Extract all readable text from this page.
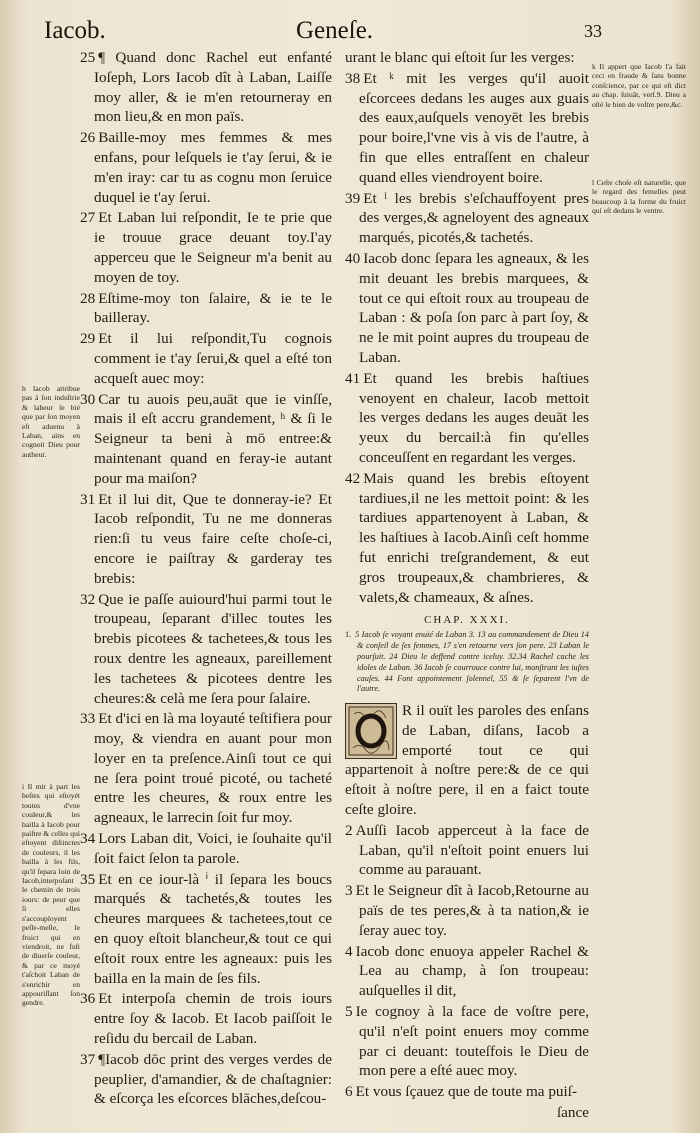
Iacob.	Geneſe.	33

25 ¶ Quand donc Rachel eut enfanté Ioſeph, Lors Iacob dît à Laban, Laiſſe moy aller, & ie m'en retourneray en mon lieu,& en mon païs.

26 Baille-moy mes femmes & mes enfans, pour leſquels ie t'ay ſerui, & ie m'en iray: car tu as cognu mon ſeruice duquel ie t'ay ſerui.

27 Et Laban lui reſpondit, Ie te prie que ie trouue grace deuant toy.I'ay apperceu que le Seigneur m'a benit au moyen de toy.

28 Eſtime-moy ton ſalaire, & ie te le bailleray.

29 Et il lui reſpondit,Tu cognois comment ie t'ay ſerui,& quel a eſté ton acqueſt auec moy:

30 Car tu auois peu,auāt que ie vinſſe, mais il eſt accru grandement, ʰ & ſi le Seigneur ta beni à mō entree:& maintenant quand en feray-ie autant pour ma maiſon?

31 Et il lui dit, Que te donneray-ie? Et Iacob reſpondit, Tu ne me donneras rien:ſi tu veus faire ceſte choſe-ci, encore ie paiſtray & garderay tes brebis:

32 Que ie paſſe auiourd'hui parmi tout le troupeau, ſeparant d'illec toutes les brebis picotees & tachetees,& tous les roux dentre les agneaux, pareillement les tachetees & picotees dentre les cheures:& celà me ſera pour ſalaire.

33 Et d'ici en là ma loyauté teſtifiera pour moy, & viendra en auant pour mon loyer en ta preſence.Ainſi tout ce qui ne ſera point troué picoté, ou tacheté entre les cheures, & roux entre les agneaux, le larrecin ſoit fur moy.

34 Lors Laban dit, Voici, ie ſouhaite qu'il ſoit faict ſelon ta parole.

35 Et en ce iour-là ⁱ il ſepara les boucs marqués & tachetés,& toutes les cheures marquees & tachetees,tout ce en quoy eſtoit blancheur,& tout ce qui eſtoit roux entre les agneaux: puis les bailla en la main de ſes fils.

36 Et interpoſa chemin de trois iours entre ſoy & Iacob. Et Iacob paiſſoit le reſidu du bercail de Laban.

37 ¶Iacob dōc print des verges verdes de peuplier, d'amandier, & de chaſtagnier: & eſcorça les eſcorces blāches,deſcou-

urant le blanc qui eſtoit ſur les verges:

38 Et ᵏ mit les verges qu'il auoit eſcorcees dedans les auges aux guais des eaux,auſquels venoyēt les brebis pour boire,l'vne vis à vis de l'autre, à fin que elles entraſſent en chaleur quand elles viendroyent boire.

39 Et ˡ les brebis s'eſchauffoyent pres des verges,& agneloyent des agneaux marqués, picotés,& tachetés.

40 Iacob donc ſepara les agneaux, & les mit deuant les brebis marquees, & tout ce qui eſtoit roux au troupeau de Laban : & poſa ſon parc à part ſoy, & ne le mit point aupres du troupeau de Laban.

41 Et quand les brebis haſtiues venoyent en chaleur, Iacob mettoit les verges dedans les auges deuāt les yeux du bercail:à fin qu'elles conceuſſent en regardant les verges.

42 Mais quand les brebis eſtoyent tardiues,il ne les mettoit point: & les tardiues appartenoyent à Laban, & les haſtiues à Iacob.Ainſi ceſt homme fut enrichi treſgrandement, & eut gros troupeaux,& chambrieres, & valets,& chameaux, & aſnes.

CHAP. XXXI.

1. 5 Iacob ſe voyant enuié de Laban 3. 13 au commandement de Dieu 14 & conſeil de ſes femmes, 17 s'en retourne vers ſon pere. 23 Laban le pourſuit. 24 Dieu le deffend contre iceluy. 32.34 Rachel cache les idoles de Laban. 36 Iacob ſe courrouce contre lui, monſtrant les iuſtes cauſes. 44 Font appointement ſolennel, 55 & ſe ſeparent l'vn de l'autre.

O
R il ouït les paroles des enſans de Laban, diſans, Iacob a emporté tout ce qui appartenoit à noſtre pere:& de ce qui eſtoit à noſtre pere, il en a faict toute ceſte gloire.

2 Auſſi Iacob apperceut à la face de Laban, qu'il n'eſtoit point enuers lui comme au parauant.

3 Et le Seigneur dît à Iacob,Retourne au païs de tes peres,& à ta nation,& ie ſeray auec toy.

4 Iacob donc enuoya appeler Rachel & Lea au champ, à ſon troupeau: auſquelles il dit,

5 Ie cognoy à la face de voſtre pere, qu'il n'eſt point enuers moy comme par ci deuant: touteſfois le Dieu de mon pere a eſté auec moy.

6 Et vous ſçauez que de toute ma puiſ-

ſance

h Iacob attribue pas à ſon induſtrie & labeur le bié que par ſon moyen eſt aduenu à Laban, ains en cognoit Dieu pour autheur.
i Il mit à part les beſtes qui eſtoyét toutes d'vne couleur,& les bailla à Iacob pour paiſtre & celles qui eſtoyent diſtinctes de couleurs, il les bailla à ſes fils, qu'il ſepara loin de Iacob,interpoſant le chemin de trois iours: de peur que ſi elles s'accouployent peſle-meſle, le fruict qui en viendroit, ne fuſt de diuerſe couleur, & par ce moyé t'aſchoit Laban de s'enrichir en appouriſſant ſon gendre.
k Il appert que Iacob l'a fait ceci en fraude & ſans bonne conſcience, par ce qui eſt dict au chap. ſuiuāt, verſ.9. Dieu a oſté le bien de voſtre pere,&c.
l Ceſte choſe eſt naturelle, que le regard des femelles peut beaucoup à la forme du fruict qui eſt dedans le ventre.
